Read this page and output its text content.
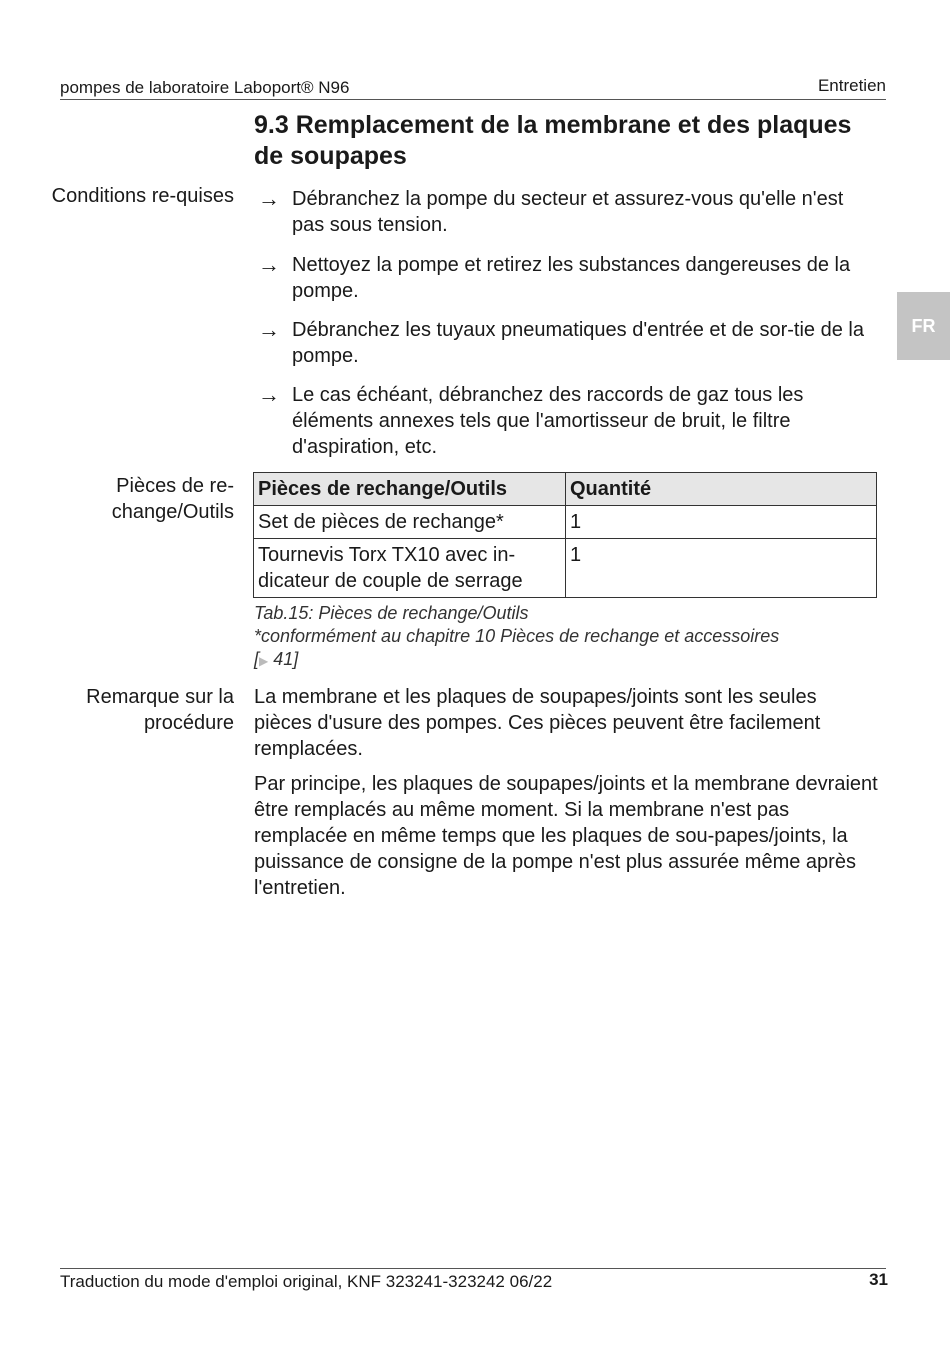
pompes de laboratoire Laboport® N96	Entretien
FR
9.3 Remplacement de la membrane et des plaques de soupapes
Conditions re-quises → Débranchez la pompe du secteur et assurez-vous qu'elle n'est pas sous tension.
→ Nettoyez la pompe et retirez les substances dangereuses de la pompe.
→ Débranchez les tuyaux pneumatiques d'entrée et de sor-tie de la pompe.
→ Le cas échéant, débranchez des raccords de gaz tous les éléments annexes tels que l'amortisseur de bruit, le filtre d'aspiration, etc.
Pièces de re-change/Outils
Pièces de rechange/Outils	Quantité
Set de pièces de rechange*	1
Tournevis Torx TX10 avec in-dicateur de couple de serrage	1
Tab.15: Pièces de rechange/Outils
*conformément au chapitre 10 Pièces de rechange et accessoires
[▶ 41]
Remarque sur la procédure
La membrane et les plaques de soupapes/joints sont les seules pièces d'usure des pompes. Ces pièces peuvent être facilement remplacées.
Par principe, les plaques de soupapes/joints et la membrane devraient être remplacés au même moment. Si la membrane n'est pas remplacée en même temps que les plaques de sou-papes/joints, la puissance de consigne de la pompe n'est plus assurée même après l'entretien.
Traduction du mode d'emploi original, KNF 323241-323242 06/22	31
